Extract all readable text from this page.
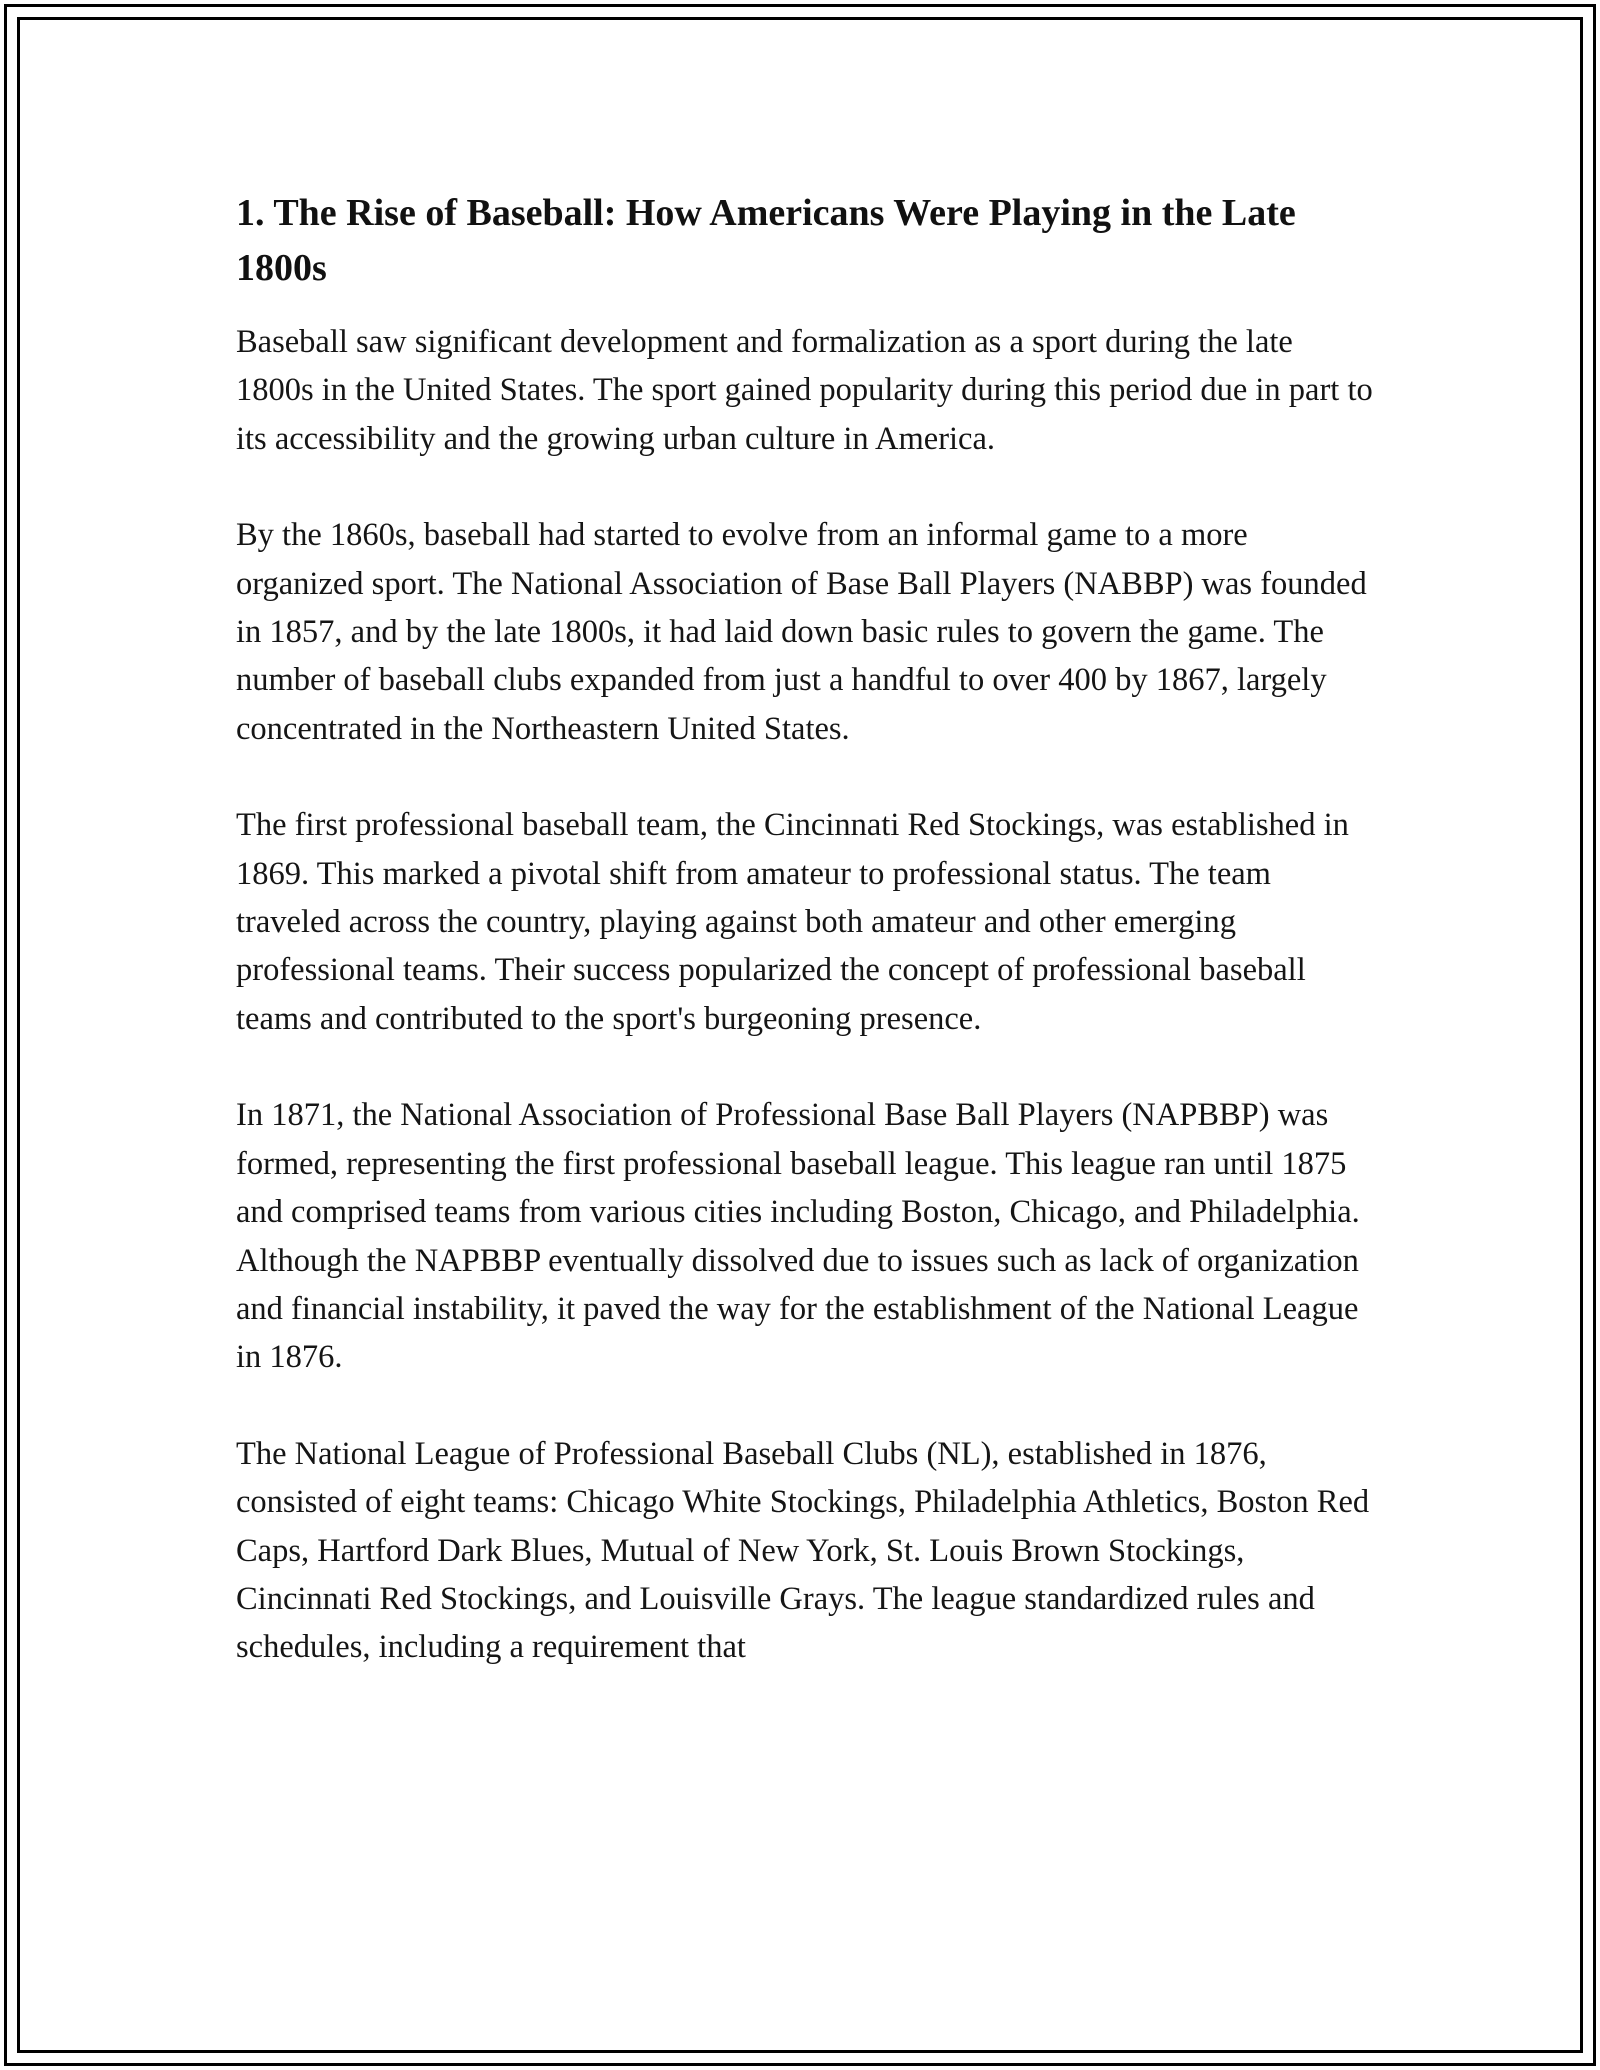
1. The Rise of Baseball: How Americans Were Playing in the Late 1800s

Baseball saw significant development and formalization as a sport during the late 1800s in the United States. The sport gained popularity during this period due in part to its accessibility and the growing urban culture in America.

By the 1860s, baseball had started to evolve from an informal game to a more organized sport. The National Association of Base Ball Players (NABBP) was founded in 1857, and by the late 1800s, it had laid down basic rules to govern the game. The number of baseball clubs expanded from just a handful to over 400 by 1867, largely concentrated in the Northeastern United States.

The first professional baseball team, the Cincinnati Red Stockings, was established in 1869. This marked a pivotal shift from amateur to professional status. The team traveled across the country, playing against both amateur and other emerging professional teams. Their success popularized the concept of professional baseball teams and contributed to the sport's burgeoning presence.

In 1871, the National Association of Professional Base Ball Players (NAPBBP) was formed, representing the first professional baseball league. This league ran until 1875 and comprised teams from various cities including Boston, Chicago, and Philadelphia. Although the NAPBBP eventually dissolved due to issues such as lack of organization and financial instability, it paved the way for the establishment of the National League in 1876.

The National League of Professional Baseball Clubs (NL), established in 1876, consisted of eight teams: Chicago White Stockings, Philadelphia Athletics, Boston Red Caps, Hartford Dark Blues, Mutual of New York, St. Louis Brown Stockings, Cincinnati Red Stockings, and Louisville Grays. The league standardized rules and schedules, including a requirement that
